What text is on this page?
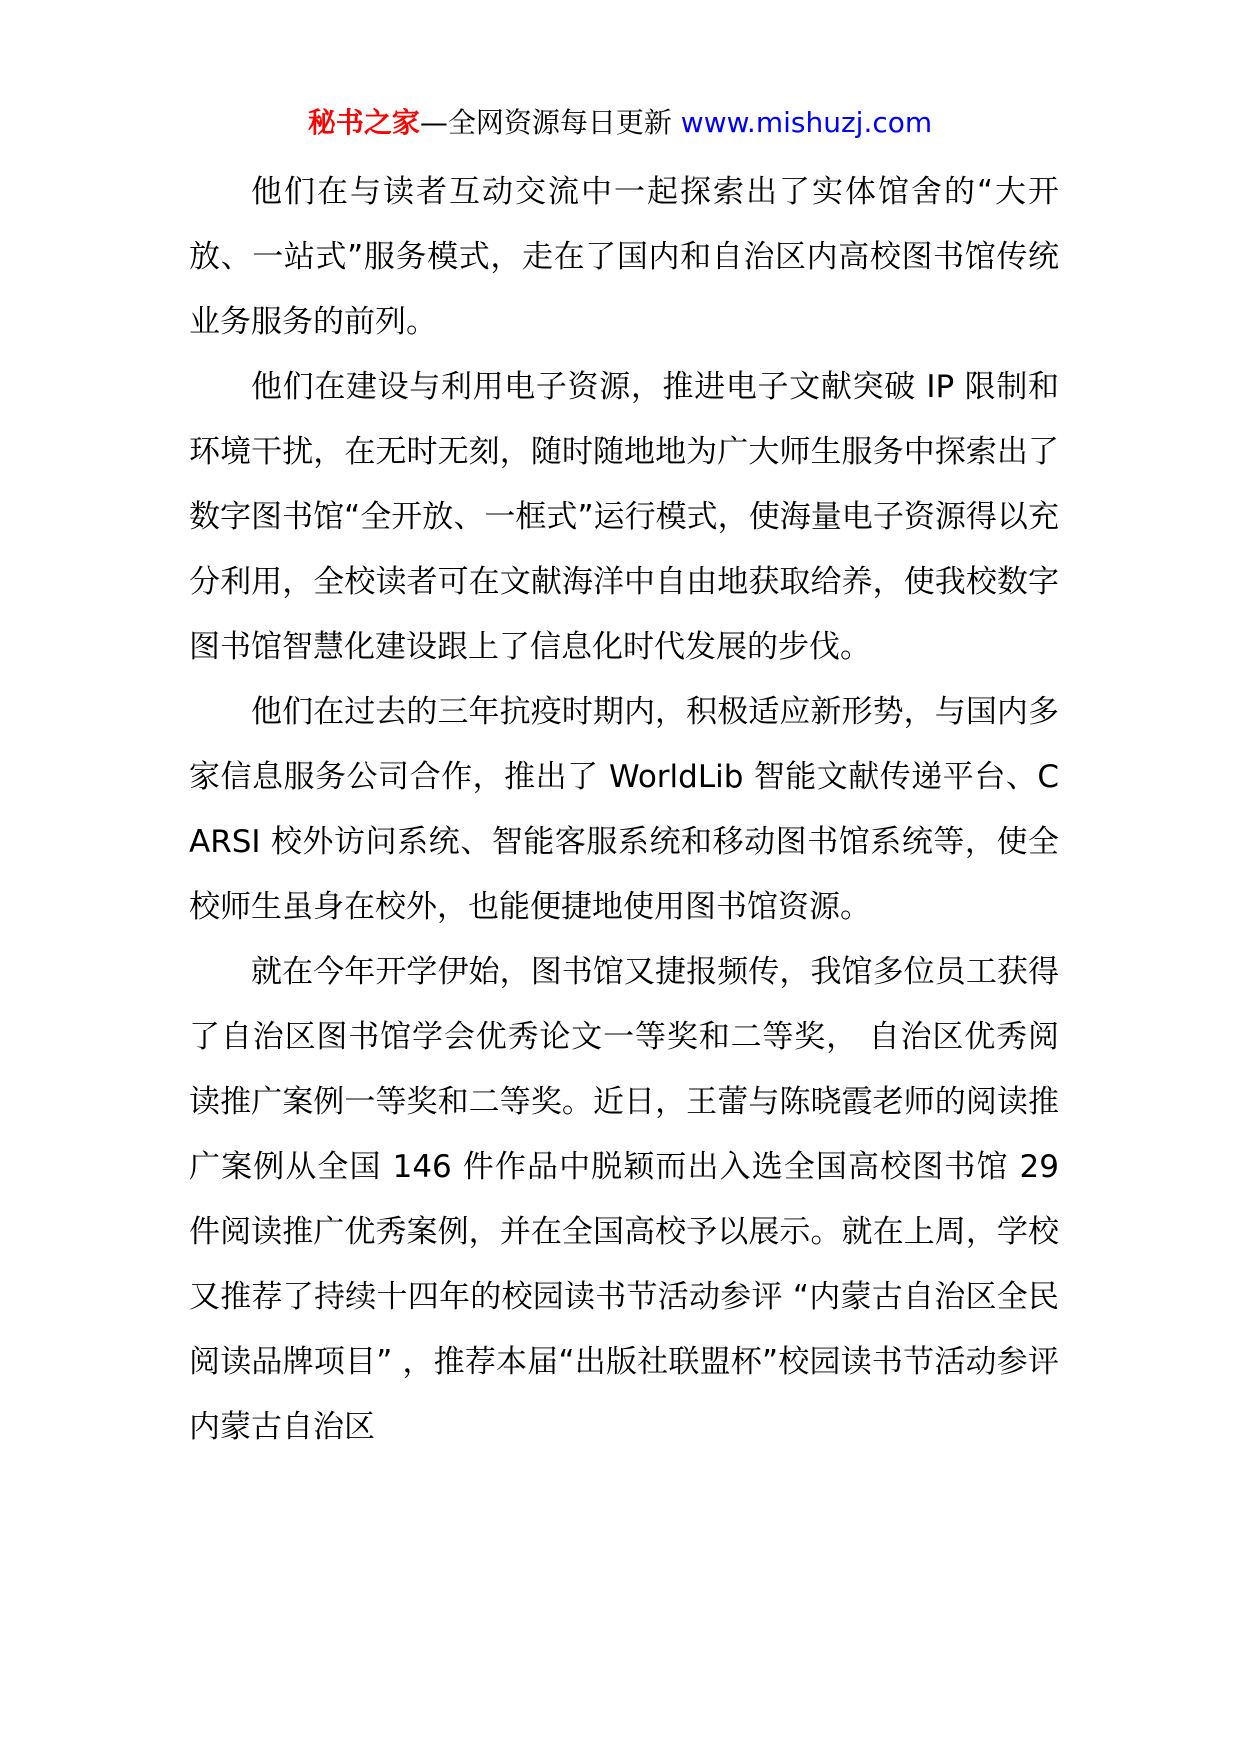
秘书之家—全网资源每日更新 www.mishuzj.com

他们在与读者互动交流中一起探索出了实体馆舍的“大开放、一站式”服务模式，走在了国内和自治区内高校图书馆传统业务服务的前列。

他们在建设与利用电子资源，推进电子文献突破 IP 限制和环境干扰，在无时无刻，随时随地地为广大师生服务中探索出了数字图书馆“全开放、一框式”运行模式，使海量电子资源得以充分利用，全校读者可在文献海洋中自由地获取给养，使我校数字图书馆智慧化建设跟上了信息化时代发展的步伐。

他们在过去的三年抗疫时期内，积极适应新形势，与国内多家信息服务公司合作，推出了 WorldLib 智能文献传递平台、CARSI 校外访问系统、智能客服系统和移动图书馆系统等，使全校师生虽身在校外，也能便捷地使用图书馆资源。

就在今年开学伊始，图书馆又捷报频传，我馆多位员工获得了自治区图书馆学会优秀论文一等奖和二等奖， 自治区优秀阅读推广案例一等奖和二等奖。近日，王蕾与陈晓霞老师的阅读推广案例从全国 146 件作品中脱颖而出入选全国高校图书馆 29 件阅读推广优秀案例，并在全国高校予以展示。就在上周，学校又推荐了持续十四年的校园读书节活动参评 “内蒙古自治区全民阅读品牌项目” ，推荐本届“出版社联盟杯”校园读书节活动参评内蒙古自治区
